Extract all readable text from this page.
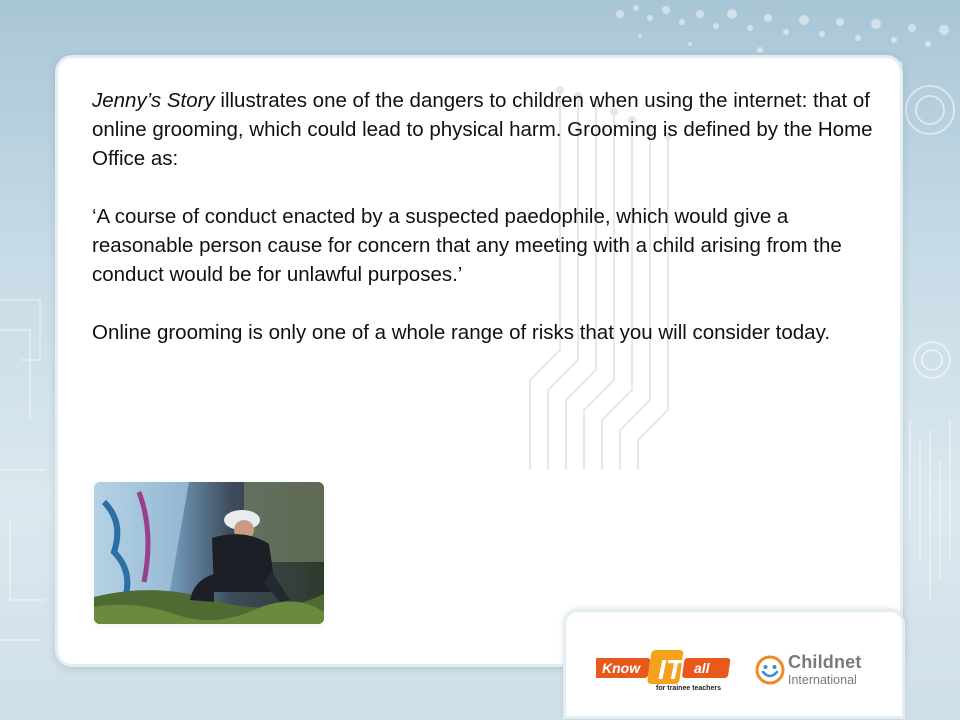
Jenny’s Story illustrates one of the dangers to children when using the internet: that of online grooming, which could lead to physical harm. Grooming is defined by the Home Office as:

‘A course of conduct enacted by a suspected paedophile, which would give a reasonable person cause for concern that any meeting with a child arising from the conduct would be for unlawful purposes.’

Online grooming is only one of a whole range of risks that you will consider today.

Know IT all
for trainee teachers
Childnet
International
